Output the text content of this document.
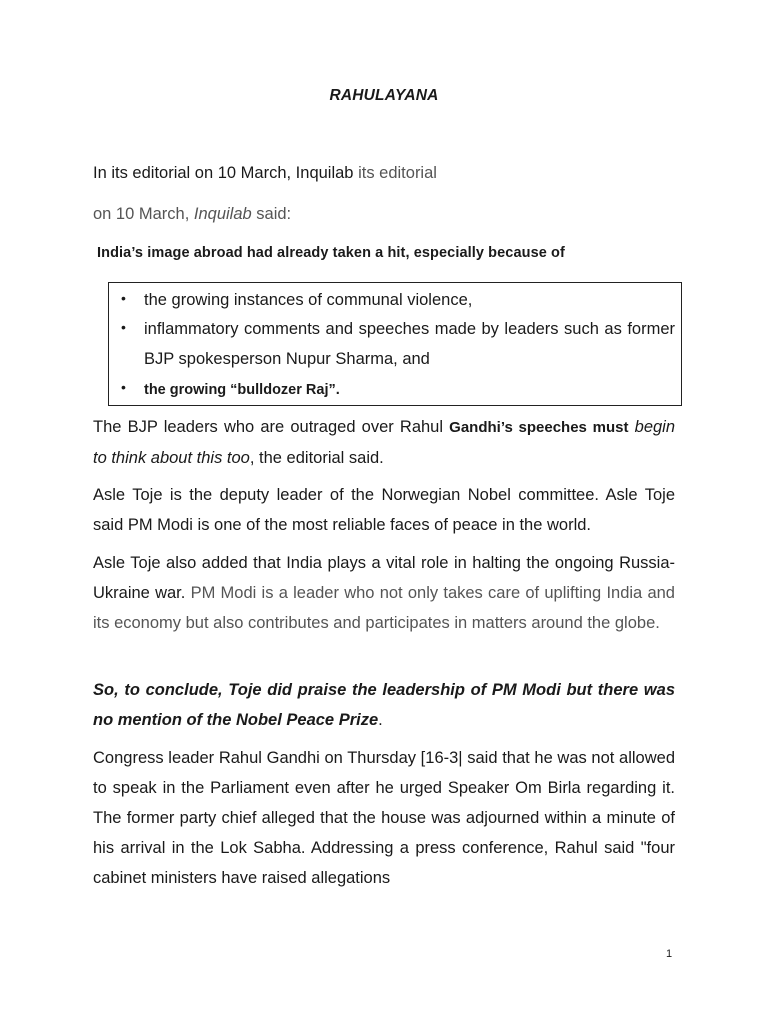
RAHULAYANA
In its editorial on 10 March, Inquilab its editorial
on 10 March, Inquilab said:
India’s image abroad had already taken a hit, especially because of
• the growing instances of communal violence,
• inflammatory comments and speeches made by leaders such as former BJP spokesperson Nupur Sharma, and
• the growing “bulldozer Raj”.

The BJP leaders who are outraged over Rahul Gandhi’s speeches must begin to think about this too, the editorial said.

Asle Toje is the deputy leader of the Norwegian Nobel committee. Asle Toje said PM Modi is one of the most reliable faces of peace in the world.

Asle Toje also added that India plays a vital role in halting the ongoing Russia-Ukraine war. PM Modi is a leader who not only takes care of uplifting India and its economy but also contributes and participates in matters around the globe.

So, to conclude, Toje did praise the leadership of PM Modi but there was no mention of the Nobel Peace Prize.

Congress leader Rahul Gandhi on Thursday [16-3| said that he was not allowed to speak in the Parliament even after he urged Speaker Om Birla regarding it. The former party chief alleged that the house was adjourned within a minute of his arrival in the Lok Sabha. Addressing a press conference, Rahul said "four cabinet ministers have raised allegations

1
